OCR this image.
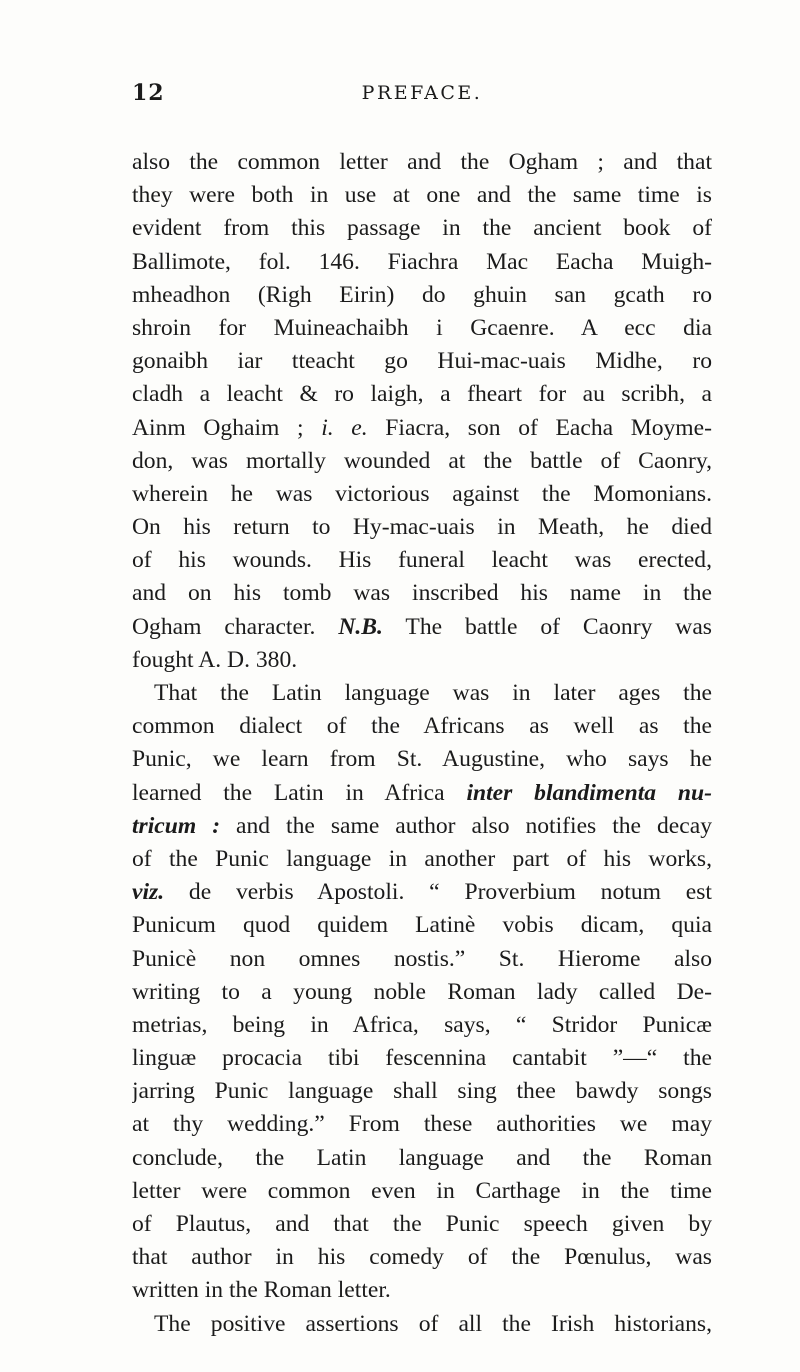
12	PREFACE.
also the common letter and the Ogham ; and that
they were both in use at one and the same time is
evident from this passage in the ancient book of
Ballimote, fol. 146. Fiachra Mac Eacha Muigh-
mheadhon (Righ Eirin) do ghuin san gcath ro
shroin for Muineachaibh i Gcaenre. A ecc dia
gonaibh iar tteacht go Hui-mac-uais Midhe, ro
cladh a leacht & ro laigh, a fheart for au scribh, a
Ainm Oghaim ; i. e. Fiacra, son of Eacha Moyme-
don, was mortally wounded at the battle of Caonry,
wherein he was victorious against the Momonians.
On his return to Hy-mac-uais in Meath, he died
of his wounds. His funeral leacht was erected,
and on his tomb was inscribed his name in the
Ogham character. N.B. The battle of Caonry was
fought A. D. 380.
That the Latin language was in later ages the
common dialect of the Africans as well as the
Punic, we learn from St. Augustine, who says he
learned the Latin in Africa inter blandimenta nu-
tricum : and the same author also notifies the decay
of the Punic language in another part of his works,
viz. de verbis Apostoli. “ Proverbium notum est
Punicum quod quidem Latinè vobis dicam, quia
Punicè non omnes nostis.” St. Hierome also
writing to a young noble Roman lady called De-
metrias, being in Africa, says, “ Stridor Punicæ
linguæ procacia tibi fescennina cantabit ”—“ the
jarring Punic language shall sing thee bawdy songs
at thy wedding.” From these authorities we may
conclude, the Latin language and the Roman
letter were common even in Carthage in the time
of Plautus, and that the Punic speech given by
that author in his comedy of the Pœnulus, was
written in the Roman letter.
The positive assertions of all the Irish historians,
